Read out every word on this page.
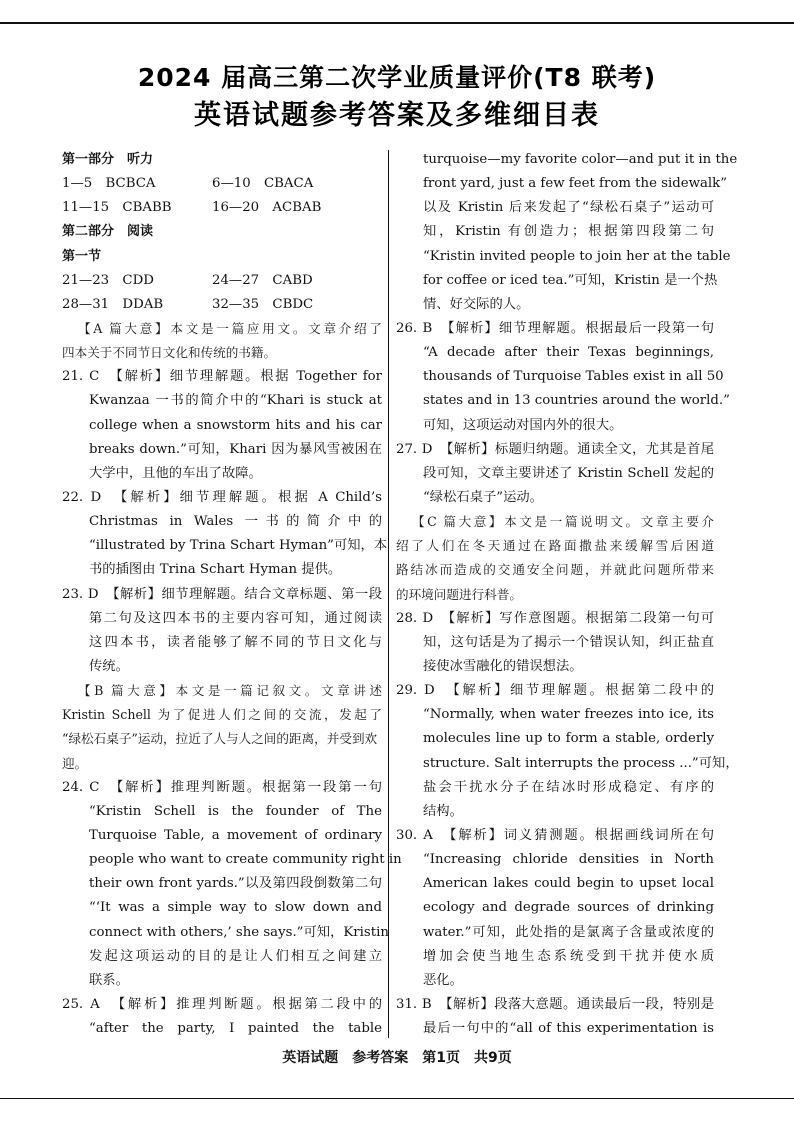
2024 届高三第二次学业质量评价(T8 联考)
英语试题参考答案及多维细目表
第一部分　听力
1—5　BCBCA	6—10　CBACA
11—15　CBABB	16—20　ACBAB
第二部分　阅读
第一节
21—23　CDD	24—27　CABD
28—31　DDAB	32—35　CBDC
【A 篇大意】本文是一篇应用文。文章介绍了
四本关于不同节日文化和传统的书籍。
21. C　【解析】细节理解题。根据 Together for
Kwanzaa 一书的简介中的“Khari is stuck at
college when a snowstorm hits and his car
breaks down.”可知，Khari 因为暴风雪被困在
大学中，且他的车出了故障。
22. D　【解析】细节理解题。根据 A Child’s
Christmas in Wales 一书的简介中的
“illustrated by Trina Schart Hyman”可知，本
书的插图由 Trina Schart Hyman 提供。
23. D　【解析】细节理解题。结合文章标题、第一段
第二句及这四本书的主要内容可知，通过阅读
这四本书，读者能够了解不同的节日文化与
传统。
【B 篇大意】本文是一篇记叙文。文章讲述
Kristin Schell 为了促进人们之间的交流，发起了
“绿松石桌子”运动，拉近了人与人之间的距离，并受到欢迎。
24. C　【解析】推理判断题。根据第一段第一句
“Kristin Schell is the founder of The
Turquoise Table, a movement of ordinary
people who want to create community right in
their own front yards.”以及第四段倒数第二句
“‘It was a simple way to slow down and
connect with others,’ she says.”可知，Kristin
发起这项运动的目的是让人们相互之间建立
联系。
25. A　【解析】推理判断题。根据第二段中的
“after the party, I painted the table
turquoise—my favorite color—and put it in the
front yard, just a few feet from the sidewalk”
以及 Kristin 后来发起了“绿松石桌子”运动可
知，Kristin 有创造力；根据第四段第二句
“Kristin invited people to join her at the table
for coffee or iced tea.”可知，Kristin 是一个热
情、好交际的人。
26. B　【解析】细节理解题。根据最后一段第一句
“A decade after their Texas beginnings,
thousands of Turquoise Tables exist in all 50
states and in 13 countries around the world.”
可知，这项运动对国内外的很大。
27. D　【解析】标题归纳题。通读全文，尤其是首尾
段可知，文章主要讲述了 Kristin Schell 发起的
“绿松石桌子”运动。
【C 篇大意】本文是一篇说明文。文章主要介
绍了人们在冬天通过在路面撒盐来缓解雪后困道
路结冰而造成的交通安全问题，并就此问题所带来
的环境问题进行科普。
28. D　【解析】写作意图题。根据第二段第一句可
知，这句话是为了揭示一个错误认知，纠正盐直
接使冰雪融化的错误想法。
29. D　【解析】细节理解题。根据第二段中的
“Normally, when water freezes into ice, its
molecules line up to form a stable, orderly
structure. Salt interrupts the process ...”可知，
盐会干扰水分子在结冰时形成稳定、有序的
结构。
30. A　【解析】词义猜测题。根据画线词所在句
“Increasing chloride densities in North
American lakes could begin to upset local
ecology and degrade sources of drinking
water.”可知，此处指的是氯离子含量或浓度的
增加会使当地生态系统受到干扰并使水质
恶化。
31. B　【解析】段落大意题。通读最后一段，特别是
最后一句中的“all of this experimentation is
英语试题　参考答案　第1页　共9页
